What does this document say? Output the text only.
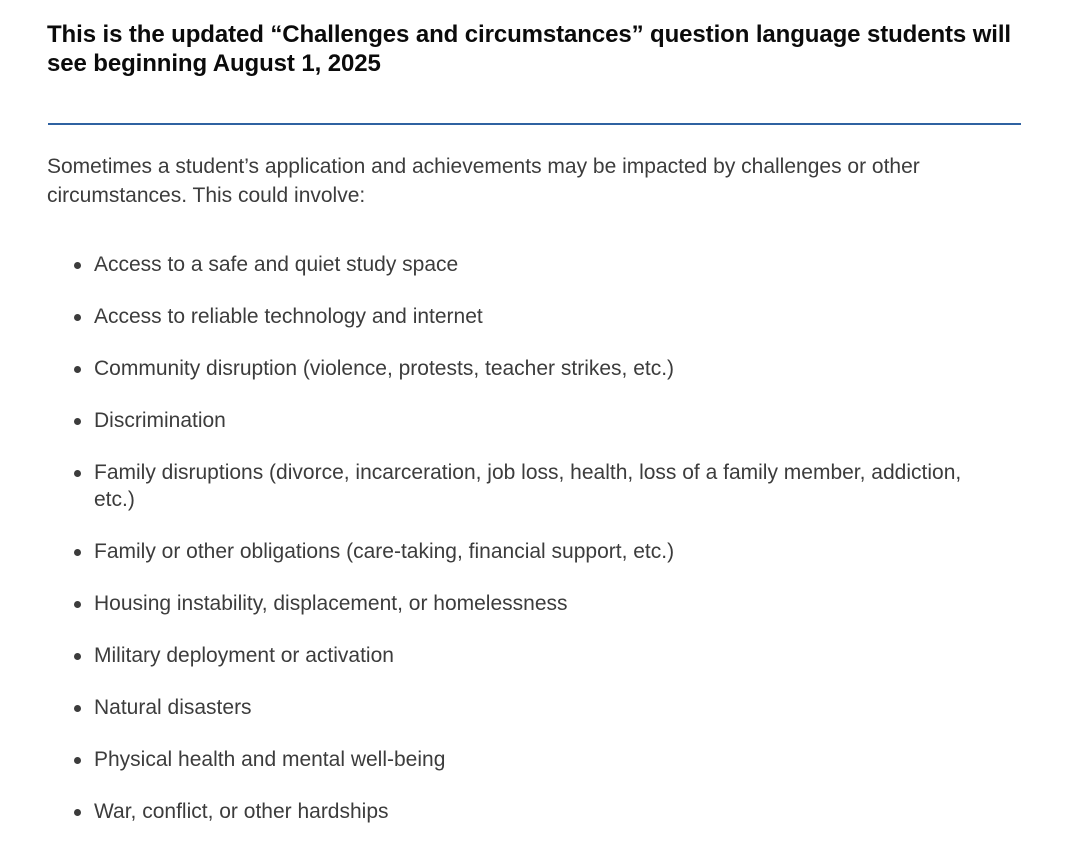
This is the updated “Challenges and circumstances” question language students will see beginning August 1, 2025

Sometimes a student’s application and achievements may be impacted by challenges or other circumstances. This could involve:

Access to a safe and quiet study space
Access to reliable technology and internet
Community disruption (violence, protests, teacher strikes, etc.)
Discrimination
Family disruptions (divorce, incarceration, job loss, health, loss of a family member, addiction, etc.)
Family or other obligations (care-taking, financial support, etc.)
Housing instability, displacement, or homelessness
Military deployment or activation
Natural disasters
Physical health and mental well-being
War, conflict, or other hardships
